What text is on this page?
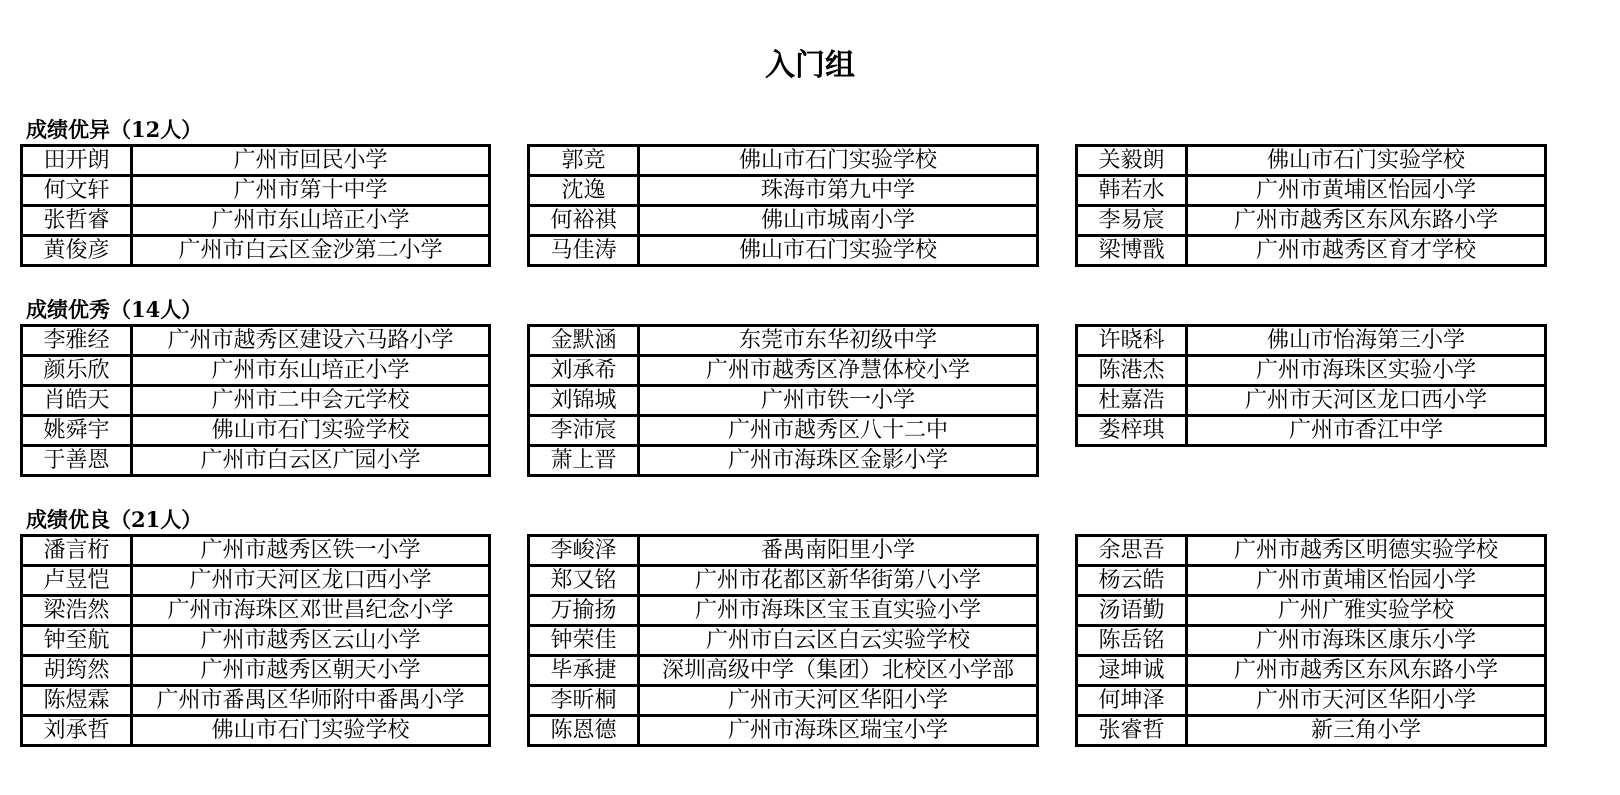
入门组
成绩优异（12人）
田开朗	广州市回民小学
何文轩	广州市第十中学
张哲睿	广州市东山培正小学
黄俊彦	广州市白云区金沙第二小学
郭竞	佛山市石门实验学校
沈逸	珠海市第九中学
何裕祺	佛山市城南小学
马佳涛	佛山市石门实验学校
关毅朗	佛山市石门实验学校
韩若水	广州市黄埔区怡园小学
李易宸	广州市越秀区东风东路小学
梁博戬	广州市越秀区育才学校
成绩优秀（14人）
李雅经	广州市越秀区建设六马路小学
颜乐欣	广州市东山培正小学
肖皓天	广州市二中会元学校
姚舜宇	佛山市石门实验学校
于善恩	广州市白云区广园小学
金默涵	东莞市东华初级中学
刘承希	广州市越秀区净慧体校小学
刘锦城	广州市铁一小学
李沛宸	广州市越秀区八十二中
萧上晋	广州市海珠区金影小学
许晓科	佛山市怡海第三小学
陈港杰	广州市海珠区实验小学
杜嘉浩	广州市天河区龙口西小学
娄梓琪	广州市香江中学
成绩优良（21人）
潘言桁	广州市越秀区铁一小学
卢昱恺	广州市天河区龙口西小学
梁浩然	广州市海珠区邓世昌纪念小学
钟至航	广州市越秀区云山小学
胡筠然	广州市越秀区朝天小学
陈煜霖	广州市番禺区华师附中番禺小学
刘承哲	佛山市石门实验学校
李峻泽	番禺南阳里小学
郑又铭	广州市花都区新华街第八小学
万揄扬	广州市海珠区宝玉直实验小学
钟荣佳	广州市白云区白云实验学校
毕承捷	深圳高级中学（集团）北校区小学部
李昕桐	广州市天河区华阳小学
陈恩德	广州市海珠区瑞宝小学
余思吾	广州市越秀区明德实验学校
杨云皓	广州市黄埔区怡园小学
汤语勤	广州广雅实验学校
陈岳铭	广州市海珠区康乐小学
逯坤诚	广州市越秀区东风东路小学
何坤泽	广州市天河区华阳小学
张睿哲	新三角小学
